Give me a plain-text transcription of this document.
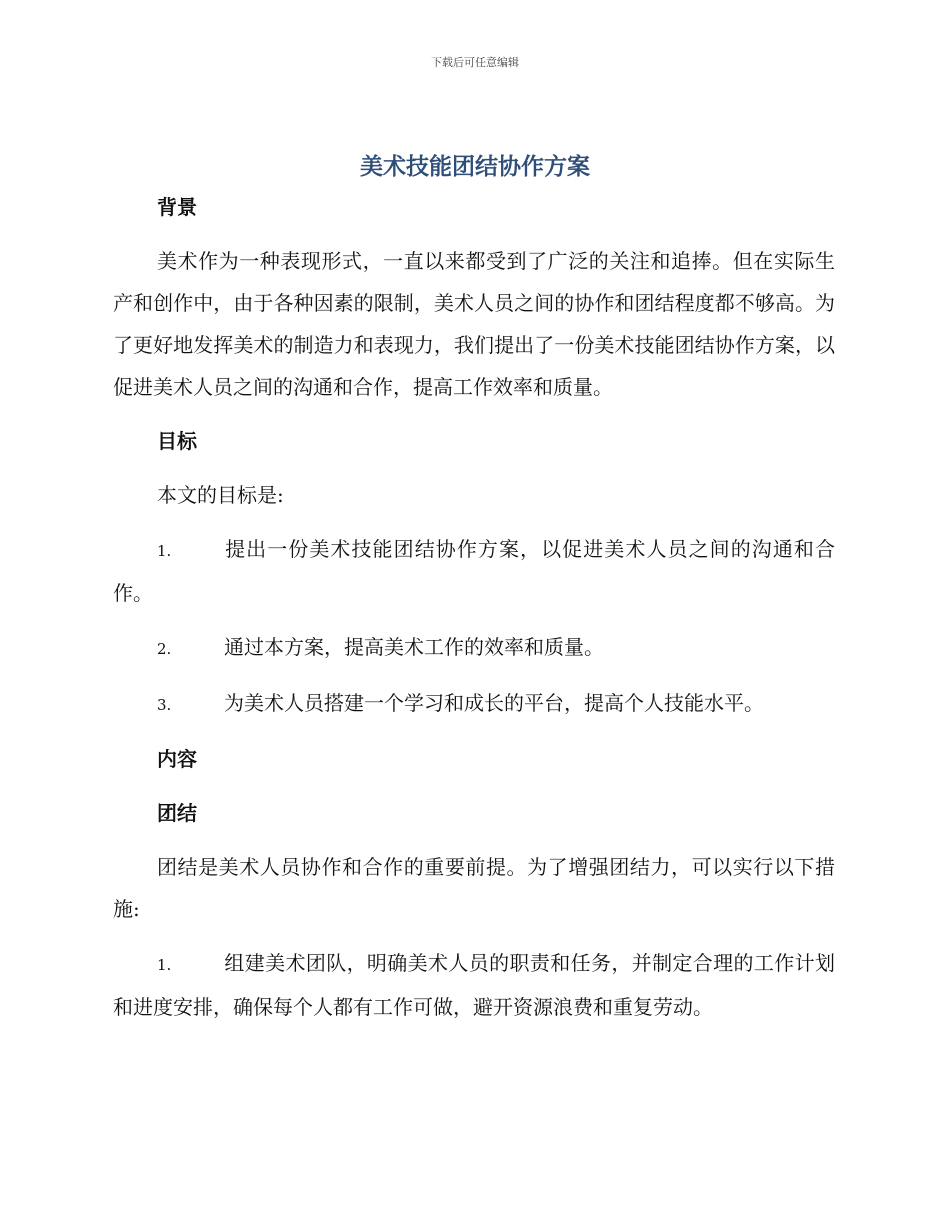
下载后可任意编辑
美术技能团结协作方案
背景
美术作为一种表现形式，一直以来都受到了广泛的关注和追捧。但在实际生产和创作中，由于各种因素的限制，美术人员之间的协作和团结程度都不够高。为了更好地发挥美术的制造力和表现力，我们提出了一份美术技能团结协作方案，以促进美术人员之间的沟通和合作，提高工作效率和质量。
目标
本文的目标是:
1.	提出一份美术技能团结协作方案，以促进美术人员之间的沟通和合作。
2.	通过本方案，提高美术工作的效率和质量。
3.	为美术人员搭建一个学习和成长的平台，提高个人技能水平。
内容
团结
团结是美术人员协作和合作的重要前提。为了增强团结力，可以实行以下措施:
1.	组建美术团队，明确美术人员的职责和任务，并制定合理的工作计划和进度安排，确保每个人都有工作可做，避开资源浪费和重复劳动。
